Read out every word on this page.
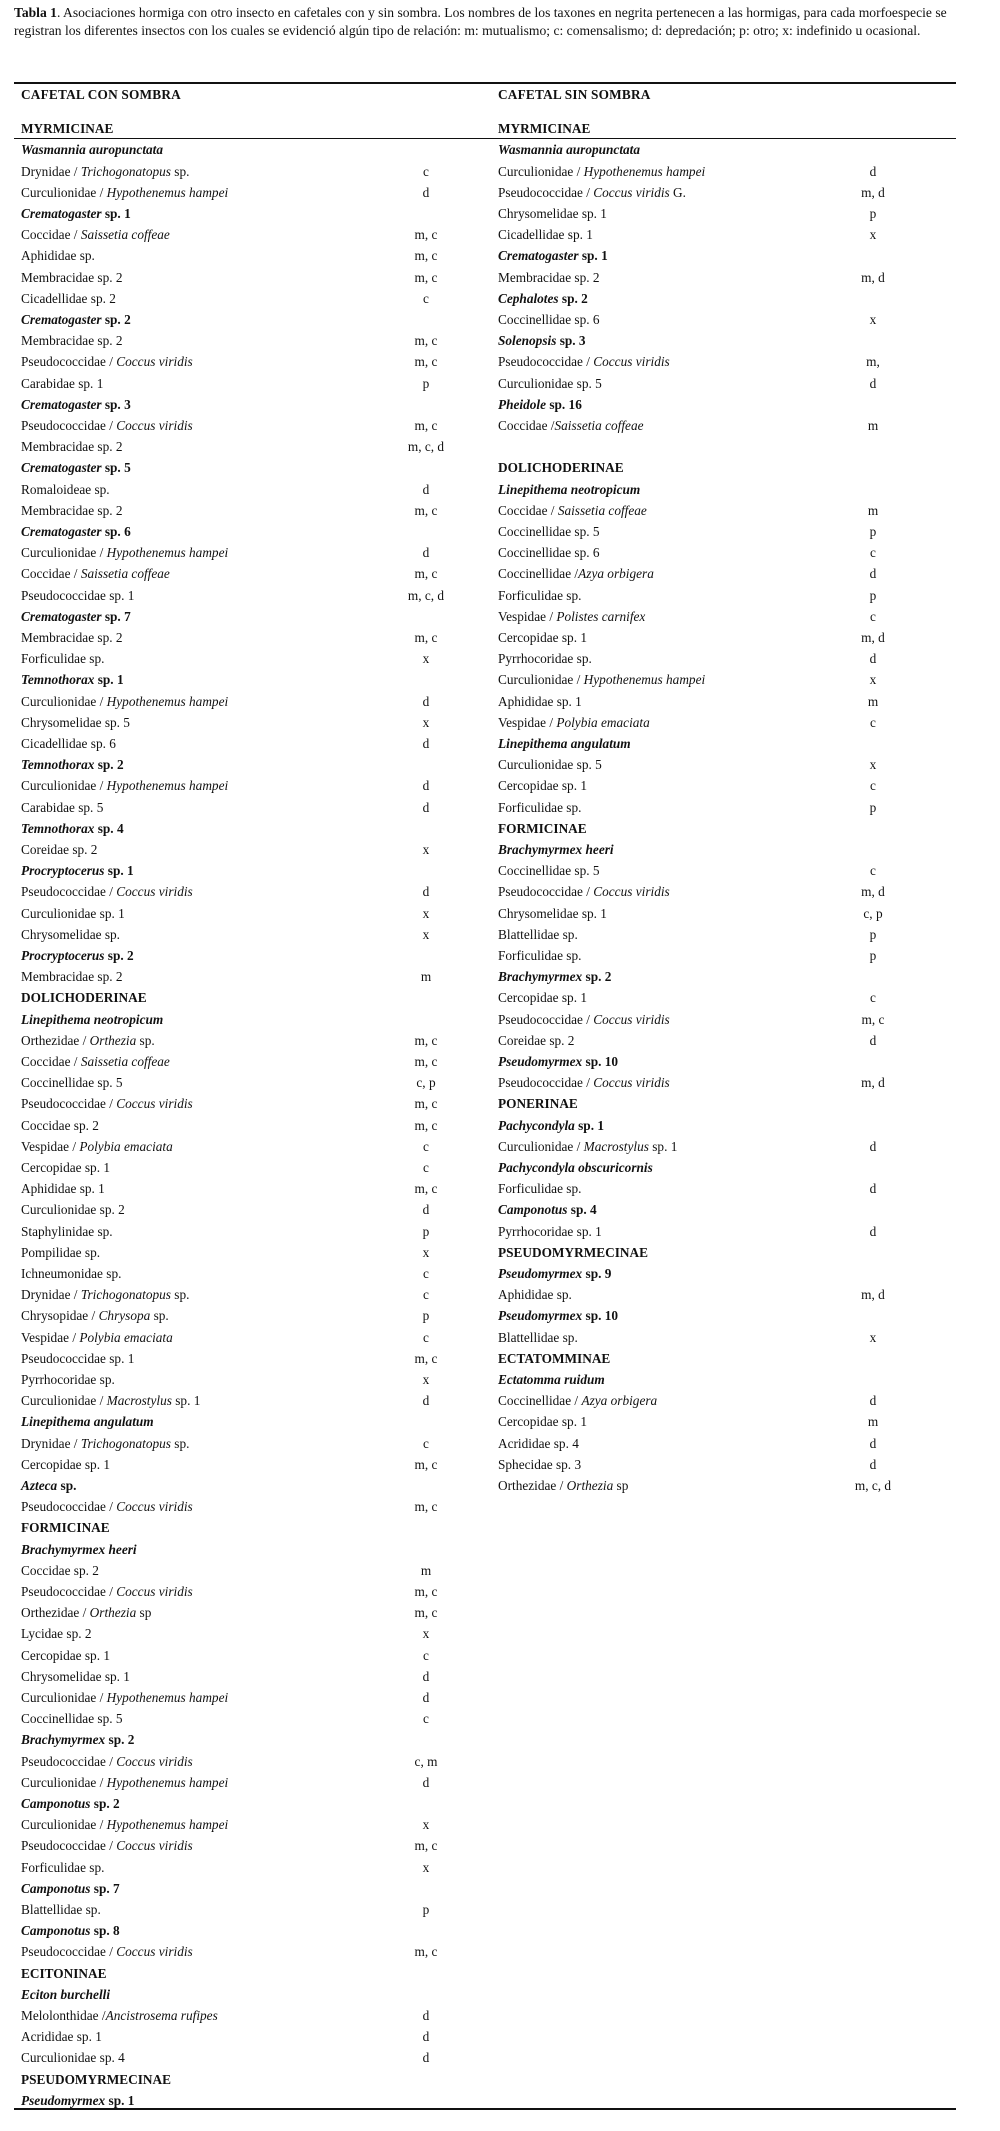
Tabla 1. Asociaciones hormiga con otro insecto en cafetales con y sin sombra. Los nombres de los taxones en negrita pertenecen a las hormigas, para cada morfoespecie se registran los diferentes insectos con los cuales se evidenció algún tipo de relación: m: mutualismo; c: comensalismo; d: depredación; p: otro; x: indefinido u ocasional.
CAFETAL CON SOMBRA
MYRMICINAE
Wasmannia auropunctata
Drynidae / Trichogonatopus sp.	c
Curculionidae / Hypothenemus hampei	d
Crematogaster sp. 1
Coccidae / Saissetia coffeae	m, c
Aphididae sp.	m, c
Membracidae sp. 2	m, c
Cicadellidae sp. 2	c
Crematogaster sp. 2
Membracidae sp. 2	m, c
Pseudococcidae / Coccus viridis	m, c
Carabidae sp. 1	p
Crematogaster sp. 3
Pseudococcidae / Coccus viridis	m, c
Membracidae sp. 2	m, c, d
Crematogaster sp. 5
Romaloideae sp.	d
Membracidae sp. 2	m, c
Crematogaster sp. 6
Curculionidae / Hypothenemus hampei	d
Coccidae / Saissetia coffeae	m, c
Pseudococcidae sp. 1	m, c, d
Crematogaster sp. 7
Membracidae sp. 2	m, c
Forficulidae sp.	x
Temnothorax sp. 1
Curculionidae / Hypothenemus hampei	d
Chrysomelidae sp. 5	x
Cicadellidae sp. 6	d
Temnothorax sp. 2
Curculionidae / Hypothenemus hampei	d
Carabidae sp. 5	d
Temnothorax sp. 4
Coreidae sp. 2	x
Procryptocerus sp. 1
Pseudococcidae / Coccus viridis	d
Curculionidae sp. 1	x
Chrysomelidae sp.	x
Procryptocerus sp. 2
Membracidae sp. 2	m
DOLICHODERINAE
Linepithema neotropicum
Orthezidae / Orthezia sp.	m, c
Coccidae / Saissetia coffeae	m, c
Coccinellidae sp. 5	c, p
Pseudococcidae / Coccus viridis	m, c
Coccidae sp. 2	m, c
Vespidae / Polybia emaciata	c
Cercopidae sp. 1	c
Aphididae sp. 1	m, c
Curculionidae sp. 2	d
Staphylinidae sp.	p
Pompilidae sp.	x
Ichneumonidae sp.	c
Drynidae / Trichogonatopus sp.	c
Chrysopidae / Chrysopa sp.	p
Vespidae / Polybia emaciata	c
Pseudococcidae sp. 1	m, c
Pyrrhocoridae sp.	x
Curculionidae / Macrostylus sp. 1	d
Linepithema angulatum
Drynidae / Trichogonatopus sp.	c
Cercopidae sp. 1	m, c
Azteca sp.
Pseudococcidae / Coccus viridis	m, c
FORMICINAE
Brachymyrmex heeri
Coccidae sp. 2	m
Pseudococcidae / Coccus viridis	m, c
Orthezidae / Orthezia sp	m, c
Lycidae sp. 2	x
Cercopidae sp. 1	c
Chrysomelidae sp. 1	d
Curculionidae / Hypothenemus hampei	d
Coccinellidae sp. 5	c
Brachymyrmex sp. 2
Pseudococcidae / Coccus viridis	c, m
Curculionidae / Hypothenemus hampei	d
Camponotus sp. 2
Curculionidae / Hypothenemus hampei	x
Pseudococcidae / Coccus viridis	m, c
Forficulidae sp.	x
Camponotus sp. 7
Blattellidae sp.	p
Camponotus sp. 8
Pseudococcidae / Coccus viridis	m, c
ECITONINAE
Eciton burchelli
Melolonthidae /Ancistrosema rufipes	d
Acrididae sp. 1	d
Curculionidae sp. 4	d
PSEUDOMYRMECINAE
Pseudomyrmex sp. 1
CAFETAL SIN SOMBRA
MYRMICINAE
Wasmannia auropunctata
Curculionidae / Hypothenemus hampei	d
Pseudococcidae / Coccus viridis G.	m, d
Chrysomelidae sp. 1	p
Cicadellidae sp. 1	x
Crematogaster sp. 1
Membracidae sp. 2	m, d
Cephalotes sp. 2
Coccinellidae sp. 6	x
Solenopsis sp. 3
Pseudococcidae / Coccus viridis	m,
Curculionidae sp. 5	d
Pheidole sp. 16
Coccidae /Saissetia coffeae	m
DOLICHODERINAE
Linepithema neotropicum
Coccidae / Saissetia coffeae	m
Coccinellidae sp. 5	p
Coccinellidae sp. 6	c
Coccinellidae /Azya orbigera	d
Forficulidae sp.	p
Vespidae / Polistes carnifex	c
Cercopidae sp. 1	m, d
Pyrrhocoridae sp.	d
Curculionidae / Hypothenemus hampei	x
Aphididae sp. 1	m
Vespidae / Polybia emaciata	c
Linepithema angulatum
Curculionidae sp. 5	x
Cercopidae sp. 1	c
Forficulidae sp.	p
FORMICINAE
Brachymyrmex heeri
Coccinellidae sp. 5	c
Pseudococcidae / Coccus viridis	m, d
Chrysomelidae sp. 1	c, p
Blattellidae sp.	p
Forficulidae sp.	p
Brachymyrmex sp. 2
Cercopidae sp. 1	c
Pseudococcidae / Coccus viridis	m, c
Coreidae sp. 2	d
Pseudomyrmex sp. 10
Pseudococcidae / Coccus viridis	m, d
PONERINAE
Pachycondyla sp. 1
Curculionidae / Macrostylus sp. 1	d
Pachycondyla obscuricornis
Forficulidae sp.	d
Camponotus sp. 4
Pyrrhocoridae sp. 1	d
PSEUDOMYRMECINAE
Pseudomyrmex sp. 9
Aphididae sp.	m, d
Pseudomyrmex sp. 10
Blattellidae sp.	x
ECTATOMMINAE
Ectatomma ruidum
Coccinellidae / Azya orbigera	d
Cercopidae sp. 1	m
Acrididae sp. 4	d
Sphecidae sp. 3	d
Orthezidae / Orthezia sp	m, c, d
